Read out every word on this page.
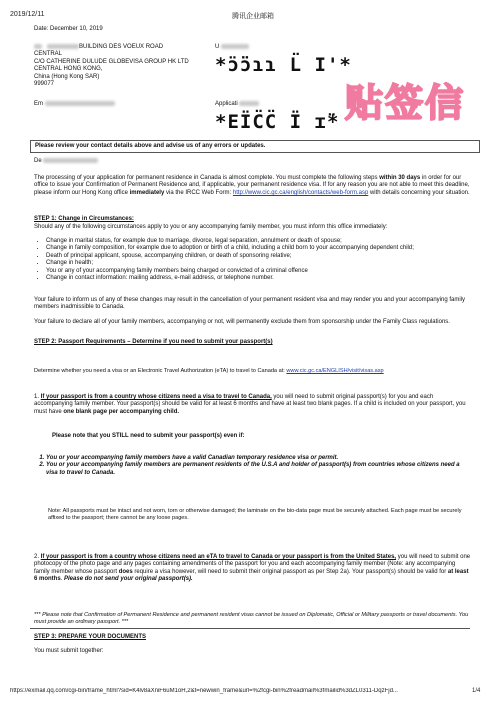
2019/12/11	腾讯企业邮箱
Date: December 10, 2019
BUILDING DES VOEUX ROAD
CENTRAL
C/O CATHERINE DULUDE GLOBEVISA GROUP HK LTD
CENTRAL HONG KONG,
China (Hong Kong SAR)
999077
Em
U
*ɔ̈ɔ̈̈ɿɿ L̈ I'*
Applicati
*EÏC̈C̈ Ï ɪ̈* 贴签信
Please review your contact details above and advise us of any errors or updates.
De
The processing of your application for permanent residence in Canada is almost complete. You must complete the following steps within 30 days in order for our office to issue your Confirmation of Permanent Residence and, if applicable, your permanent residence visa. If for any reason you are not able to meet this deadline, please inform our Hong Kong office immediately via the IRCC Web Form: http://www.cic.gc.ca/english/contacts/web-form.asp with details concerning your situation.
STEP 1: Change in Circumstances:
Should any of the following circumstances apply to you or any accompanying family member, you must inform this office immediately:
• Change in marital status, for example due to marriage, divorce, legal separation, annulment or death of spouse;
• Change in family composition, for example due to adoption or birth of a child, including a child born to your accompanying dependent child;
• Death of principal applicant, spouse, accompanying children, or death of sponsoring relative;
• Change in health;
• You or any of your accompanying family members being charged or convicted of a criminal offence
• Change in contact information: mailing address, e-mail address, or telephone number.
Your failure to inform us of any of these changes may result in the cancellation of your permanent resident visa and may render you and your accompanying family members inadmissible to Canada.
Your failure to declare all of your family members, accompanying or not, will permanently exclude them from sponsorship under the Family Class regulations.
STEP 2: Passport Requirements – Determine if you need to submit your passport(s)
Determine whether you need a visa or an Electronic Travel Authorization (eTA) to travel to Canada at: www.cic.gc.ca/ENGLISH/visit/visas.asp
1. If your passport is from a country whose citizens need a visa to travel to Canada, you will need to submit original passport(s) for you and each accompanying family member. Your passport(s) should be valid for at least 6 months and have at least two blank pages. If a child is included on your passport, you must have one blank page per accompanying child.
Please note that you STILL need to submit your passport(s) even if:
1. You or your accompanying family members have a valid Canadian temporary residence visa or permit.
2. You or your accompanying family members are permanent residents of the U.S.A and holder of passport(s) from countries whose citizens need a visa to travel to Canada.
Note: All passports must be intact and not worn, torn or otherwise damaged; the laminate on the bio-data page must be securely attached. Each page must be securely affixed to the passport; there cannot be any loose pages.
2. If your passport is from a country whose citizens need an eTA to travel to Canada or your passport is from the United States, you will need to submit one photocopy of the photo page and any pages containing amendments of the passport for you and each accompanying family member (Note: any accompanying family member whose passport does require a visa however, will need to submit their original passport as per Step 2a). Your passport(s) should be valid for at least 6 months. Please do not send your original passport(s).
*** Please note that Confirmation of Permanent Residence and permanent resident visas cannot be issued on Diplomatic, Official or Military passports or travel documents. You must provide an ordinary passport. ***
STEP 3: PREPARE YOUR DOCUMENTS
You must submit together:
https://exmail.qq.com/cgi-bin/frame_html?sid=K4lv8aXniF6uM1oH,2&t=newwin_frame&url=%2fcgi-bin%2freadmail%3fmailid%3dZL0311-DqzFjd...	1/4
